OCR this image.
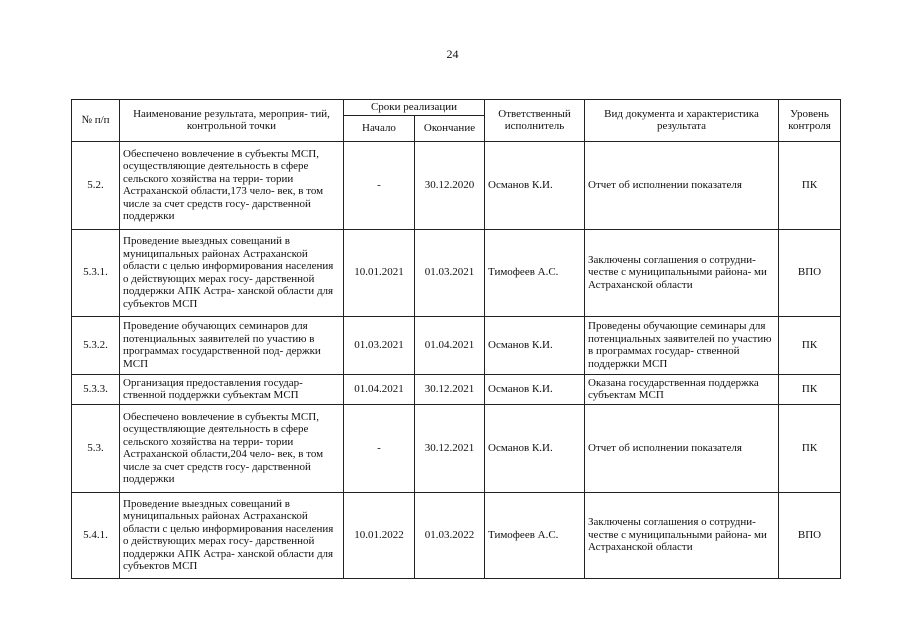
24
№ п/п	Наименование результата, мероприя- тий, контрольной точки	Сроки реализации		Ответственный исполнитель	Вид документа и характеристика результата	Уровень контроля
		Начало	Окончание			
5.2.	Обеспечено вовлечение в субъекты МСП, осуществляющие деятельность в сфере сельского хозяйства на терри- тории Астраханской области,173 чело- век, в том числе за счет средств госу- дарственной поддержки	-	30.12.2020	Османов К.И.	Отчет об исполнении показателя	ПК
5.3.1.	Проведение выездных совещаний в муниципальных районах Астраханской области с целью информирования населения о действующих мерах госу- дарственной поддержки АПК Астра- ханской области для субъектов МСП	10.01.2021	01.03.2021	Тимофеев А.С.	Заключены соглашения о сотрудни- честве с муниципальными района- ми Астраханской области	ВПО
5.3.2.	Проведение обучающих семинаров для потенциальных заявителей по участию в программах государственной под- держки МСП	01.03.2021	01.04.2021	Османов К.И.	Проведены обучающие семинары для потенциальных заявителей по участию в программах государ- ственной поддержки МСП	ПК
5.3.3.	Организация предоставления государ- ственной поддержки субъектам МСП	01.04.2021	30.12.2021	Османов К.И.	Оказана государственная поддержка субъектам МСП	ПК
5.3.	Обеспечено вовлечение в субъекты МСП, осуществляющие деятельность в сфере сельского хозяйства на терри- тории Астраханской области,204 чело- век, в том числе за счет средств госу- дарственной поддержки	-	30.12.2021	Османов К.И.	Отчет об исполнении показателя	ПК
5.4.1.	Проведение выездных совещаний в муниципальных районах Астраханской области с целью информирования населения о действующих мерах госу- дарственной поддержки АПК Астра- ханской области для субъектов МСП	10.01.2022	01.03.2022	Тимофеев А.С.	Заключены соглашения о сотрудни- честве с муниципальными района- ми Астраханской области	ВПО
